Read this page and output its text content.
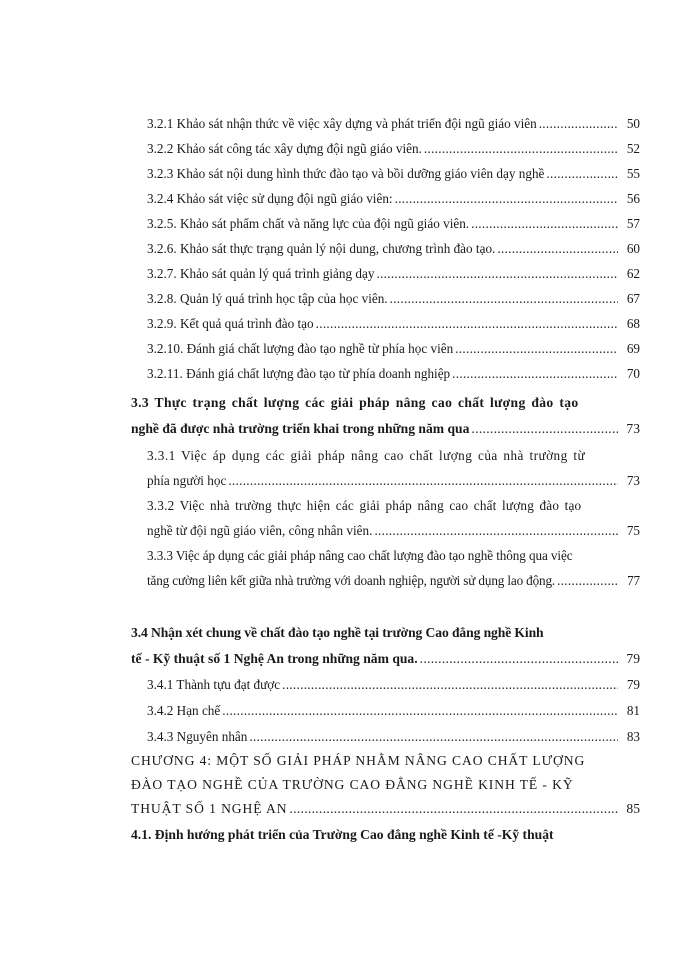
3.2.1 Khảo sát nhận thức về việc xây dựng và phát triển đội ngũ giáo viên .....	50
3.2.2 Khảo sát công tác xây dựng đội ngũ giáo viên. .....	52
3.2.3 Khảo sát nội dung hình thức đào tạo và bồi dưỡng giáo viên dạy nghề .....	55
3.2.4 Khảo sát việc sử dụng đội ngũ giáo viên: .....	56
3.2.5. Khảo sát phẩm chất và năng lực của đội ngũ giáo viên. .....	57
3.2.6. Khảo sát thực trạng quản lý nội dung, chương trình đào tạo. .....	60
3.2.7. Khảo sát quản lý quá trình giảng dạy .....	62
3.2.8. Quản lý quá trình học tập của học viên. .....	67
3.2.9. Kết quả quá trình đào tạo .....	68
3.2.10. Đánh giá chất lượng đào tạo nghề từ phía học viên .....	69
3.2.11. Đánh giá chất lượng đào tạo từ phía doanh nghiệp .....	70
3.3 Thực trạng chất lượng các giải pháp nâng cao chất lượng đào tạo
nghề đã được nhà trường triển khai trong những năm qua .....	73
3.3.1 Việc áp dụng các giải pháp nâng cao chất lượng của nhà trường từ
phía người học .....	73
3.3.2 Việc nhà trường thực hiện các giải pháp nâng cao chất lượng đào tạo
nghề từ đội ngũ giáo viên, công nhân viên. .....	75
3.3.3 Việc áp dụng các giải pháp nâng cao chất lượng đào tạo nghề thông qua việc
tăng cường liên kết giữa nhà trường với doanh nghiệp, người sử dụng lao động. .....	77
3.4 Nhận xét chung về chất đào tạo nghề tại trường Cao đẳng nghề Kinh
tế - Kỹ thuật số 1 Nghệ An trong những năm qua. .....	79
3.4.1 Thành tựu đạt được .....	79
3.4.2 Hạn chế .....	81
3.4.3 Nguyên nhân .....	83
CHƯƠNG 4: MỘT SỐ GIẢI PHÁP NHẰM NÂNG CAO CHẤT LƯỢNG
ĐÀO TẠO NGHỀ CỦA TRƯỜNG CAO ĐẲNG NGHỀ KINH TẾ - KỸ
THUẬT SỐ 1 NGHỆ AN .....	85
4.1. Định hướng phát triển của Trường Cao đẳng nghề Kinh tế -Kỹ thuật
